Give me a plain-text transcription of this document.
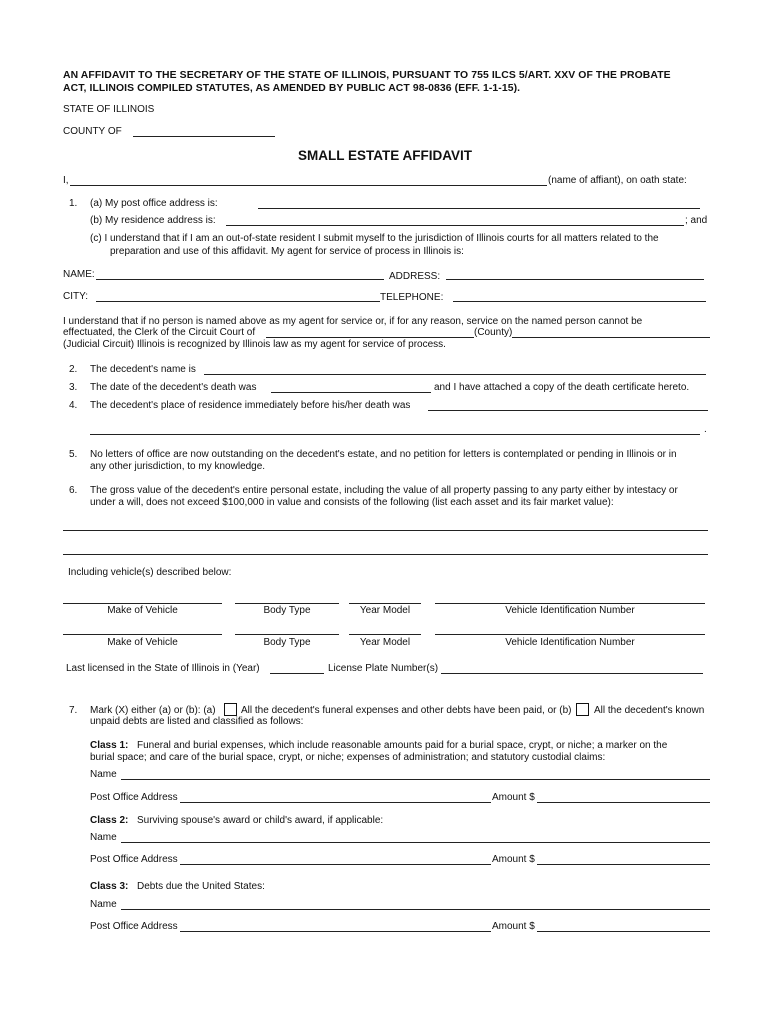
AN AFFIDAVIT TO THE SECRETARY OF THE STATE OF ILLINOIS, PURSUANT TO 755 ILCS 5/ART. XXV OF THE PROBATE
ACT, ILLINOIS COMPILED STATUTES, AS AMENDED BY PUBLIC ACT 98-0836 (EFF. 1-1-15).
STATE OF ILLINOIS
COUNTY OF
SMALL ESTATE AFFIDAVIT
I,	(name of affiant), on oath state:
1. (a) My post office address is:
(b) My residence address is:	; and
(c) I understand that if I am an out-of-state resident I submit myself to the jurisdiction of Illinois courts for all matters related to the
preparation and use of this affidavit. My agent for service of process in Illinois is:
NAME:	ADDRESS:
CITY:	TELEPHONE:
I understand that if no person is named above as my agent for service or, if for any reason, service on the named person cannot be
effectuated, the Clerk of the Circuit Court of	(County)
(Judicial Circuit) Illinois is recognized by Illinois law as my agent for service of process.
2. The decedent's name is
3. The date of the decedent's death was	and I have attached a copy of the death certificate hereto.
4. The decedent's place of residence immediately before his/her death was
.
5. No letters of office are now outstanding on the decedent's estate, and no petition for letters is contemplated or pending in Illinois or in
any other jurisdiction, to my knowledge.
6. The gross value of the decedent's entire personal estate, including the value of all property passing to any party either by intestacy or
under a will, does not exceed $100,000 in value and consists of the following (list each asset and its fair market value):
Including vehicle(s) described below:
Make of Vehicle	Body Type	Year Model	Vehicle Identification Number
Make of Vehicle	Body Type	Year Model	Vehicle Identification Number
Last licensed in the State of Illinois in (Year)	License Plate Number(s)
7. Mark (X) either (a) or (b): (a)	All the decedent's funeral expenses and other debts have been paid, or (b) All the decedent's known
unpaid debts are listed and classified as follows:
Class 1: Funeral and burial expenses, which include reasonable amounts paid for a burial space, crypt, or niche; a marker on the
burial space; and care of the burial space, crypt, or niche; expenses of administration; and statutory custodial claims:
Name
Post Office Address	Amount $
Class 2: Surviving spouse's award or child's award, if applicable:
Name
Post Office Address	Amount $
Class 3: Debts due the United States:
Name
Post Office Address	Amount $
